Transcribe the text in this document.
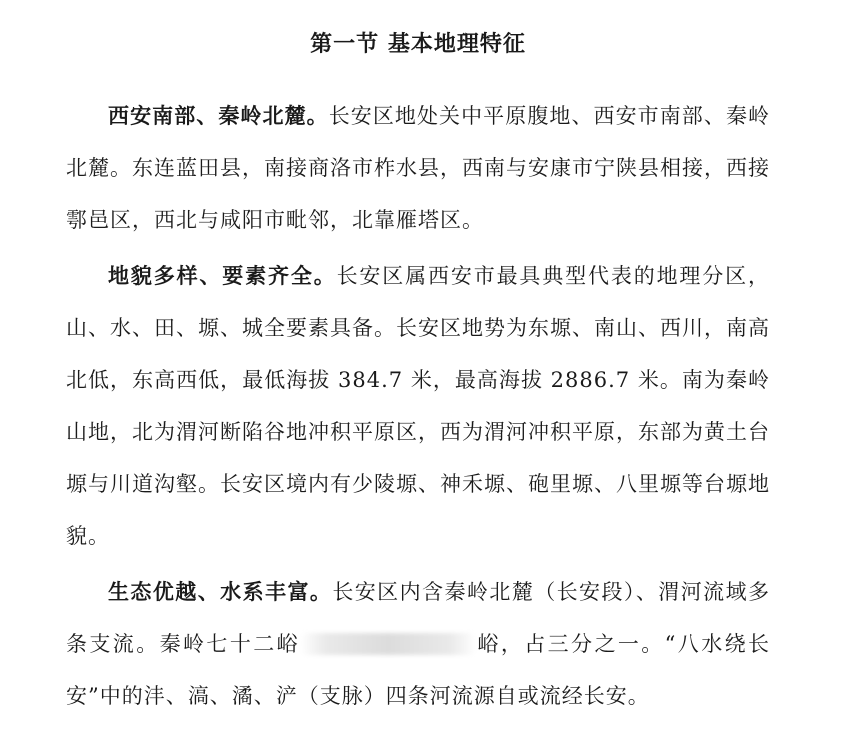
第一节 基本地理特征

西安南部、秦岭北麓。长安区地处关中平原腹地、西安市南部、秦岭北麓。东连蓝田县，南接商洛市柞水县，西南与安康市宁陕县相接，西接鄠邑区，西北与咸阳市毗邻，北靠雁塔区。

地貌多样、要素齐全。长安区属西安市最具典型代表的地理分区，山、水、田、塬、城全要素具备。长安区地势为东塬、南山、西川，南高北低，东高西低，最低海拔 384.7 米，最高海拔 2886.7 米。南为秦岭山地，北为渭河断陷谷地冲积平原区，西为渭河冲积平原，东部为黄土台塬与川道沟壑。长安区境内有少陵塬、神禾塬、砲里塬、八里塬等台塬地貌。

生态优越、水系丰富。长安区内含秦岭北麓（长安段）、渭河流域多条支流。秦岭七十二峪	峪，占三分之一。“八水绕长安”中的沣、滈、潏、浐（支脉）四条河流源自或流经长安。
